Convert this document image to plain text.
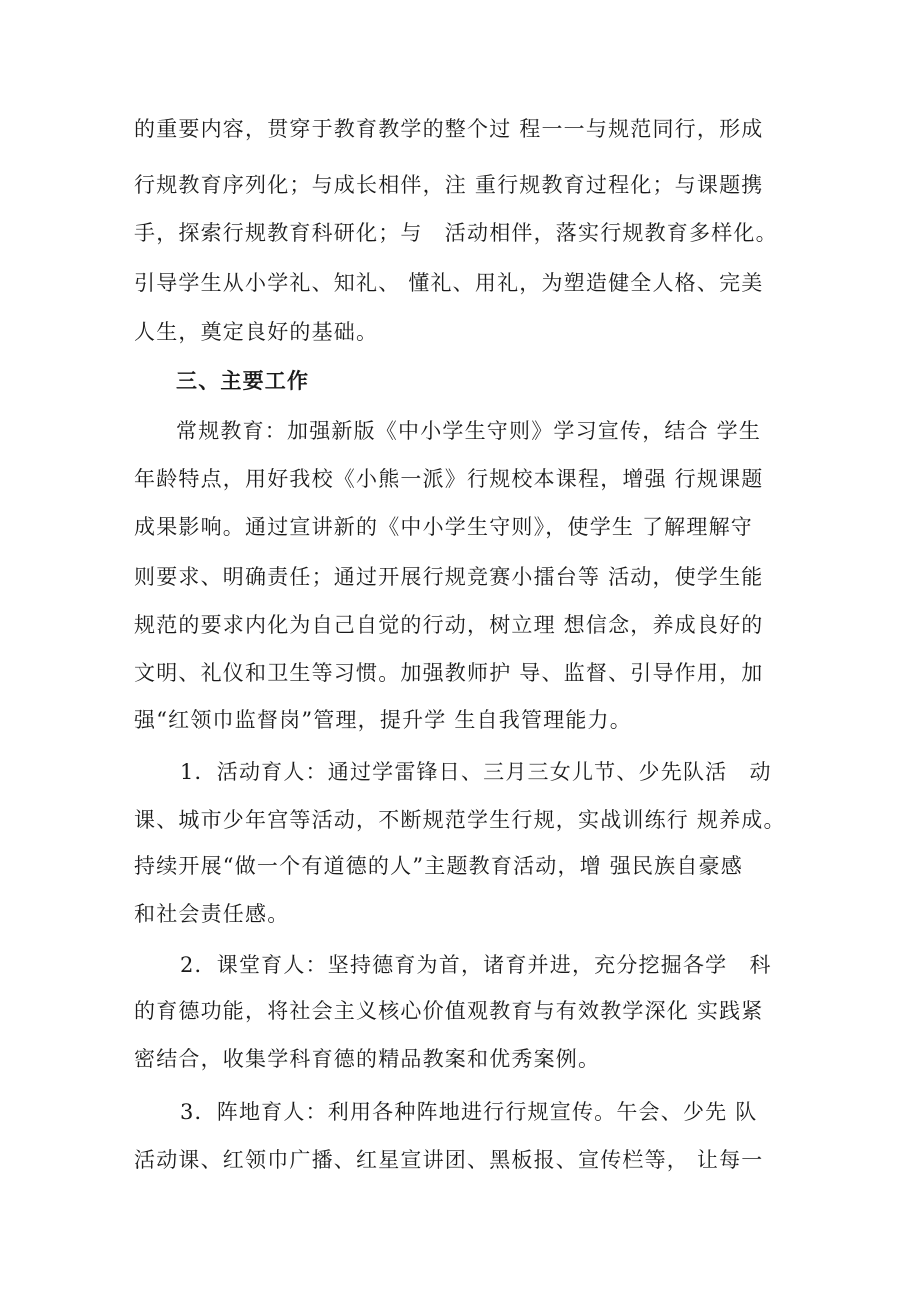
的重要内容，贯穿于教育教学的整个过 程一一与规范同行，形成
行规教育序列化；与成长相伴，注 重行规教育过程化；与课题携
手，探索行规教育科研化；与　活动相伴，落实行规教育多样化。
引导学生从小学礼、知礼、 懂礼、用礼，为塑造健全人格、完美
人生，奠定良好的基础。
三、主要工作
常规教育：加强新版《中小学生守则》学习宣传，结合 学生
年龄特点，用好我校《小熊一派》行规校本课程，增强 行规课题
成果影响。通过宣讲新的《中小学生守则》，使学生 了解理解守
则要求、明确责任；通过开展行规竞赛小擂台等 活动，使学生能
规范的要求内化为自己自觉的行动，树立理 想信念，养成良好的
文明、礼仪和卫生等习惯。加强教师护 导、监督、引导作用，加
强“红领巾监督岗”管理，提升学 生自我管理能力。
1．活动育人：通过学雷锋日、三月三女儿节、少先队活　动
课、城市少年宫等活动，不断规范学生行规，实战训练行 规养成。
持续开展“做一个有道德的人”主题教育活动，增 强民族自豪感
和社会责任感。
2．课堂育人：坚持德育为首，诸育并进，充分挖掘各学　科
的育德功能，将社会主义核心价值观教育与有效教学深化 实践紧
密结合，收集学科育德的精品教案和优秀案例。
3．阵地育人：利用各种阵地进行行规宣传。午会、少先 队
活动课、红领巾广播、红星宣讲团、黑板报、宣传栏等， 让每一
